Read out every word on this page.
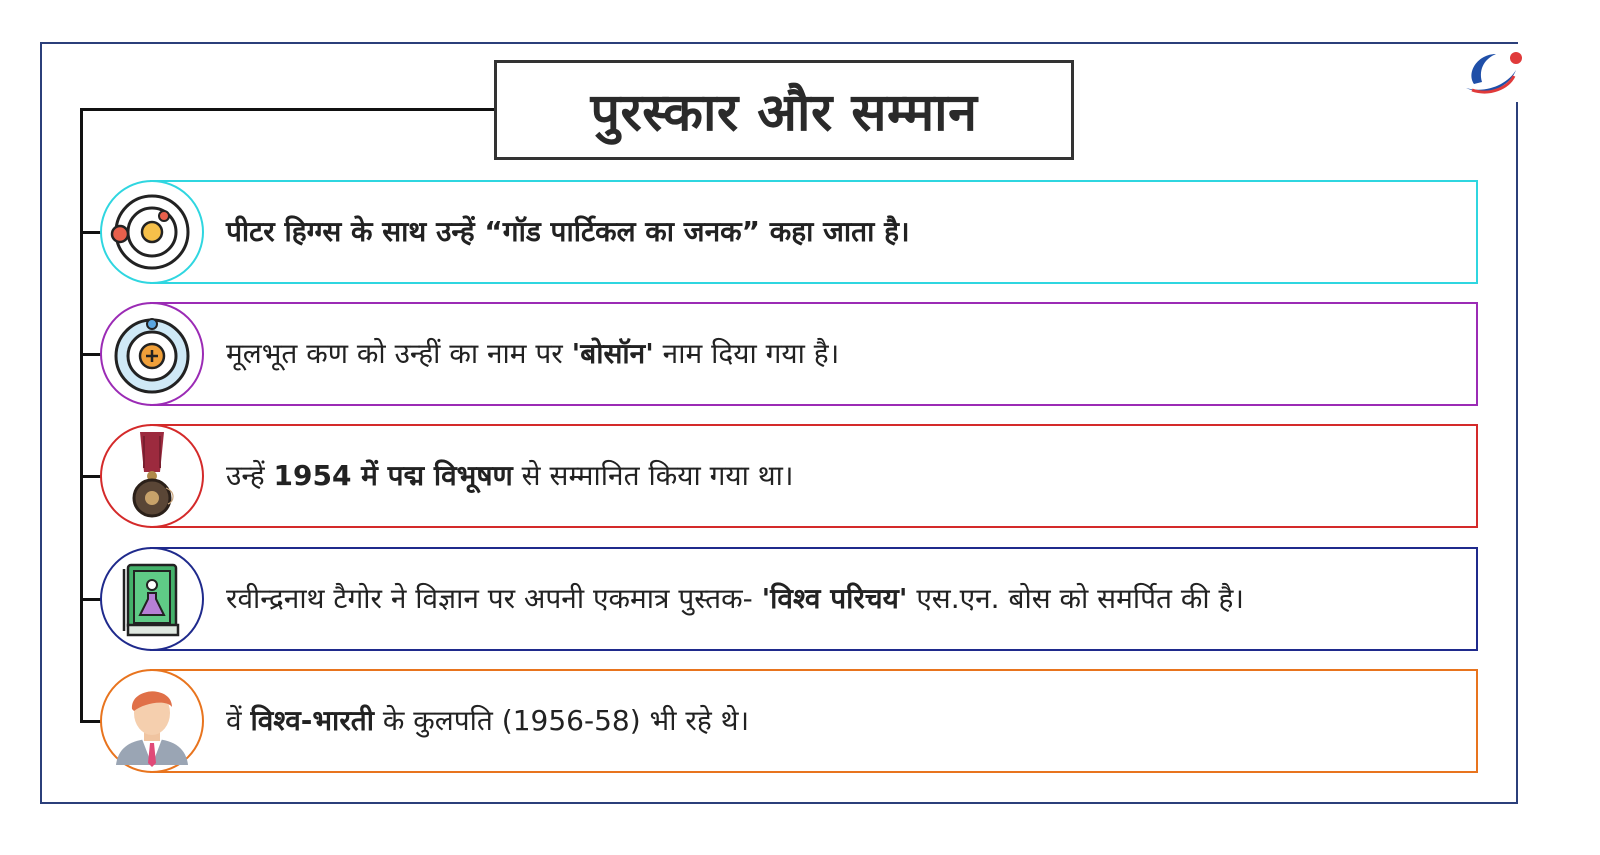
पुरस्कार और सम्मान
पीटर हिग्ग्स के साथ उन्हें “गॉड पार्टिकल का जनक” कहा जाता है।
मूलभूत कण को उन्हीं का नाम पर 'बोसॉन' नाम दिया गया है।
उन्हें 1954 में पद्म विभूषण से सम्मानित किया गया था।
रवीन्द्रनाथ टैगोर ने विज्ञान पर अपनी एकमात्र पुस्तक- 'विश्व परिचय' एस.एन. बोस को समर्पित की है।
वें विश्व-भारती के कुलपति (1956-58) भी रहे थे।
